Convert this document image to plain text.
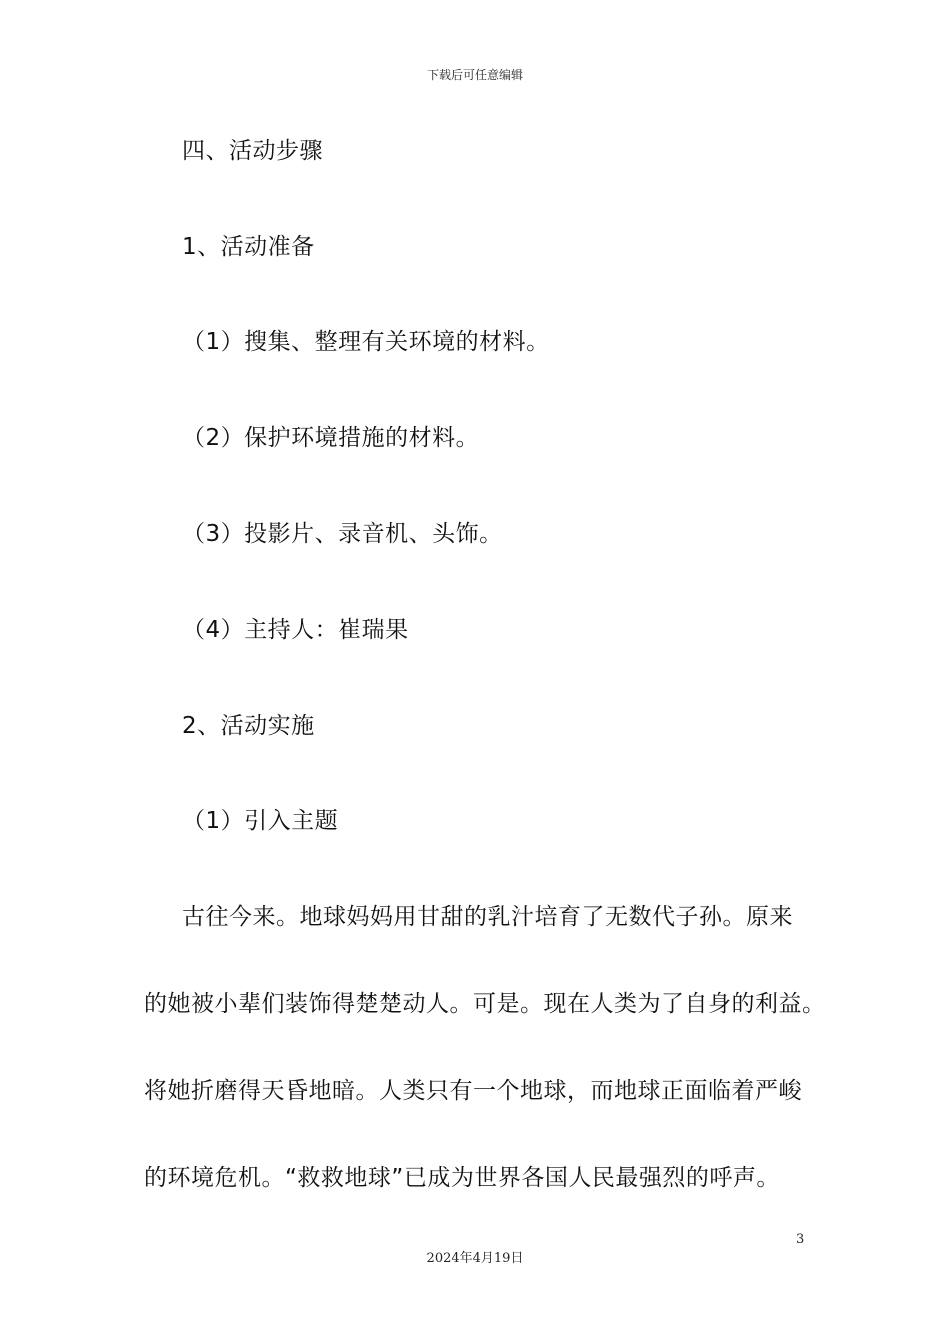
下载后可任意编辑
四、活动步骤
1、活动准备
（1）搜集、整理有关环境的材料。
（2）保护环境措施的材料。
（3）投影片、录音机、头饰。
（4）主持人：崔瑞果
2、活动实施
（1）引入主题
古往今来。地球妈妈用甘甜的乳汁培育了无数代子孙。原来
的她被小辈们装饰得楚楚动人。可是。现在人类为了自身的利益。
将她折磨得天昏地暗。人类只有一个地球，而地球正面临着严峻
的环境危机。“救救地球”已成为世界各国人民最强烈的呼声。
3
2024年4月19日
